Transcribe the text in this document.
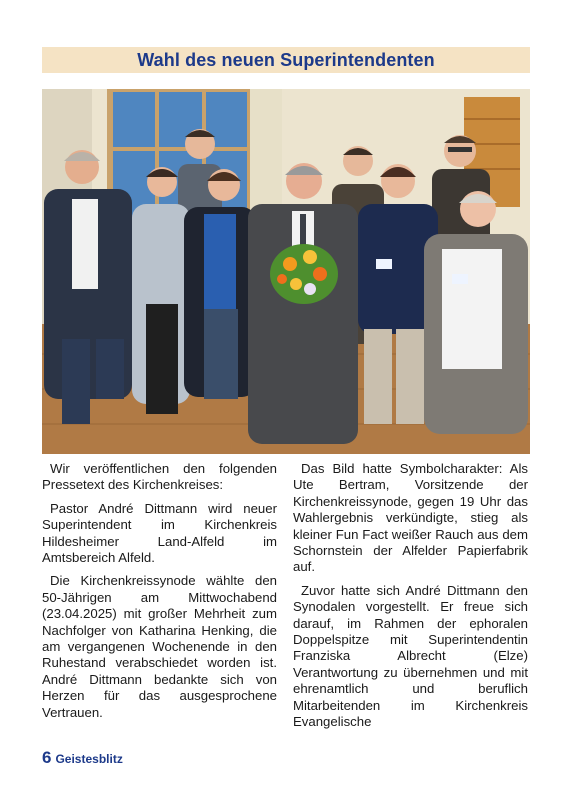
Wahl des neuen Superintendenten

Wir veröffentlichen den folgenden Pressetext des Kirchenkreises:

Pastor André Dittmann wird neuer Superintendent im Kirchenkreis Hildesheimer Land-Alfeld im Amtsbereich Alfeld.

Die Kirchenkreissynode wählte den 50-Jährigen am Mittwochabend (23.04.2025) mit großer Mehrheit zum Nachfolger von Katharina Henking, die am vergangenen Wochenende in den Ruhestand verabschiedet worden ist. André Dittmann bedankte sich von Herzen für das ausgesprochene Vertrauen.

Das Bild hatte Symbolcharakter: Als Ute Bertram, Vorsitzende der Kirchenkreissynode, gegen 19 Uhr das Wahlergebnis verkündigte, stieg als kleiner Fun Fact weißer Rauch aus dem Schornstein der Alfelder Papierfabrik auf.

Zuvor hatte sich André Dittmann den Synodalen vorgestellt. Er freue sich darauf, im Rahmen der ephoralen Doppelspitze mit Superintendentin Franziska Albrecht (Elze) Verantwortung zu übernehmen und mit ehrenamtlich und beruflich Mitarbeitenden im Kirchenkreis Evangelische

6 Geistesblitz
